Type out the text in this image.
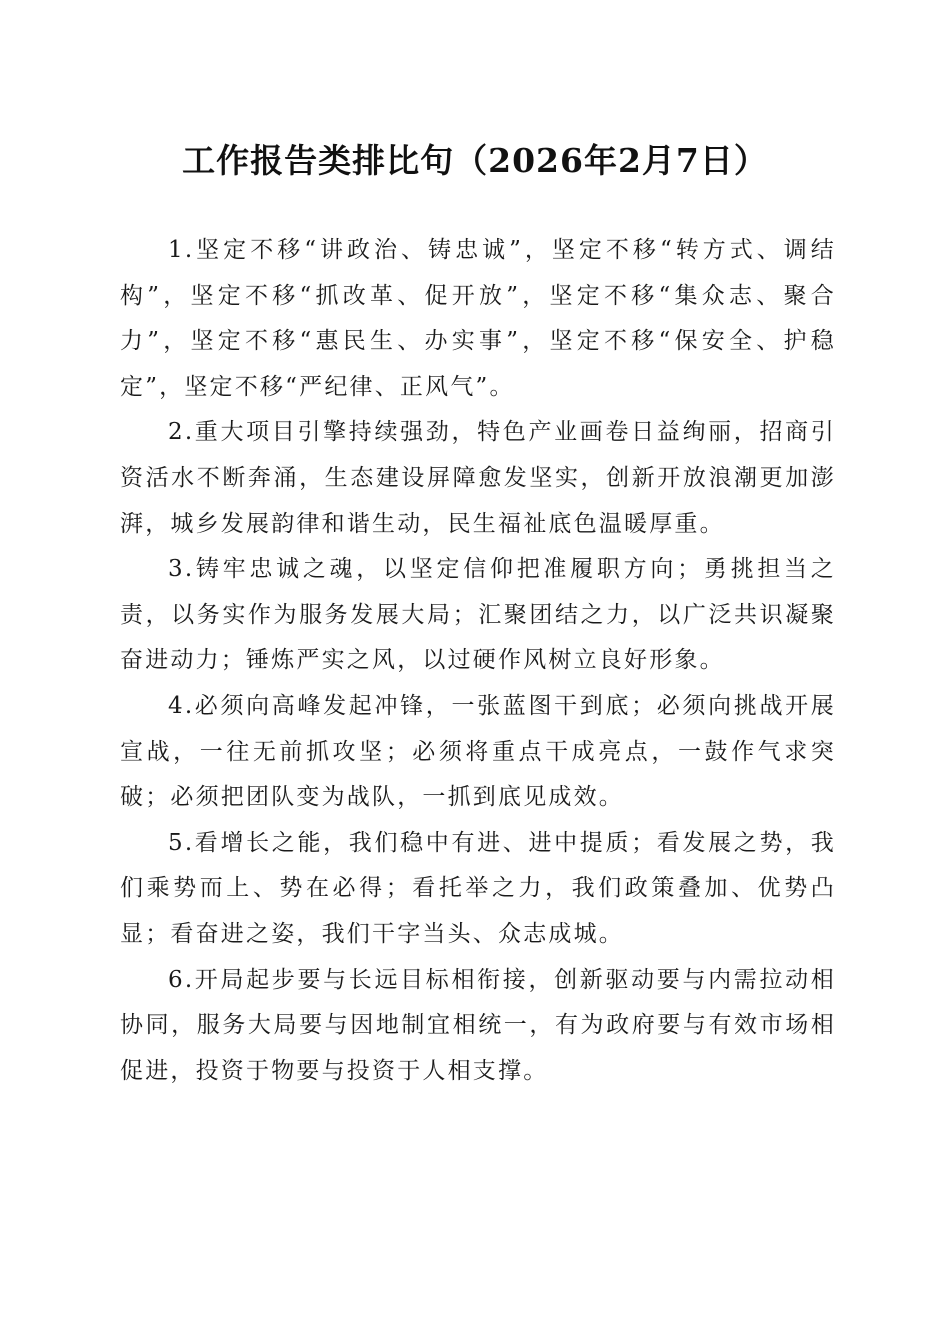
工作报告类排比句（2026年2月7日）

1.坚定不移“讲政治、铸忠诚”，坚定不移“转方式、调结构”，坚定不移“抓改革、促开放”，坚定不移“集众志、聚合力”，坚定不移“惠民生、办实事”，坚定不移“保安全、护稳定”，坚定不移“严纪律、正风气”。

2.重大项目引擎持续强劲，特色产业画卷日益绚丽，招商引资活水不断奔涌，生态建设屏障愈发坚实，创新开放浪潮更加澎湃，城乡发展韵律和谐生动，民生福祉底色温暖厚重。

3.铸牢忠诚之魂，以坚定信仰把准履职方向；勇挑担当之责，以务实作为服务发展大局；汇聚团结之力，以广泛共识凝聚奋进动力；锤炼严实之风，以过硬作风树立良好形象。

4.必须向高峰发起冲锋，一张蓝图干到底；必须向挑战开展宣战，一往无前抓攻坚；必须将重点干成亮点，一鼓作气求突破；必须把团队变为战队，一抓到底见成效。

5.看增长之能，我们稳中有进、进中提质；看发展之势，我们乘势而上、势在必得；看托举之力，我们政策叠加、优势凸显；看奋进之姿，我们干字当头、众志成城。

6.开局起步要与长远目标相衔接，创新驱动要与内需拉动相协同，服务大局要与因地制宜相统一，有为政府要与有效市场相促进，投资于物要与投资于人相支撑。
